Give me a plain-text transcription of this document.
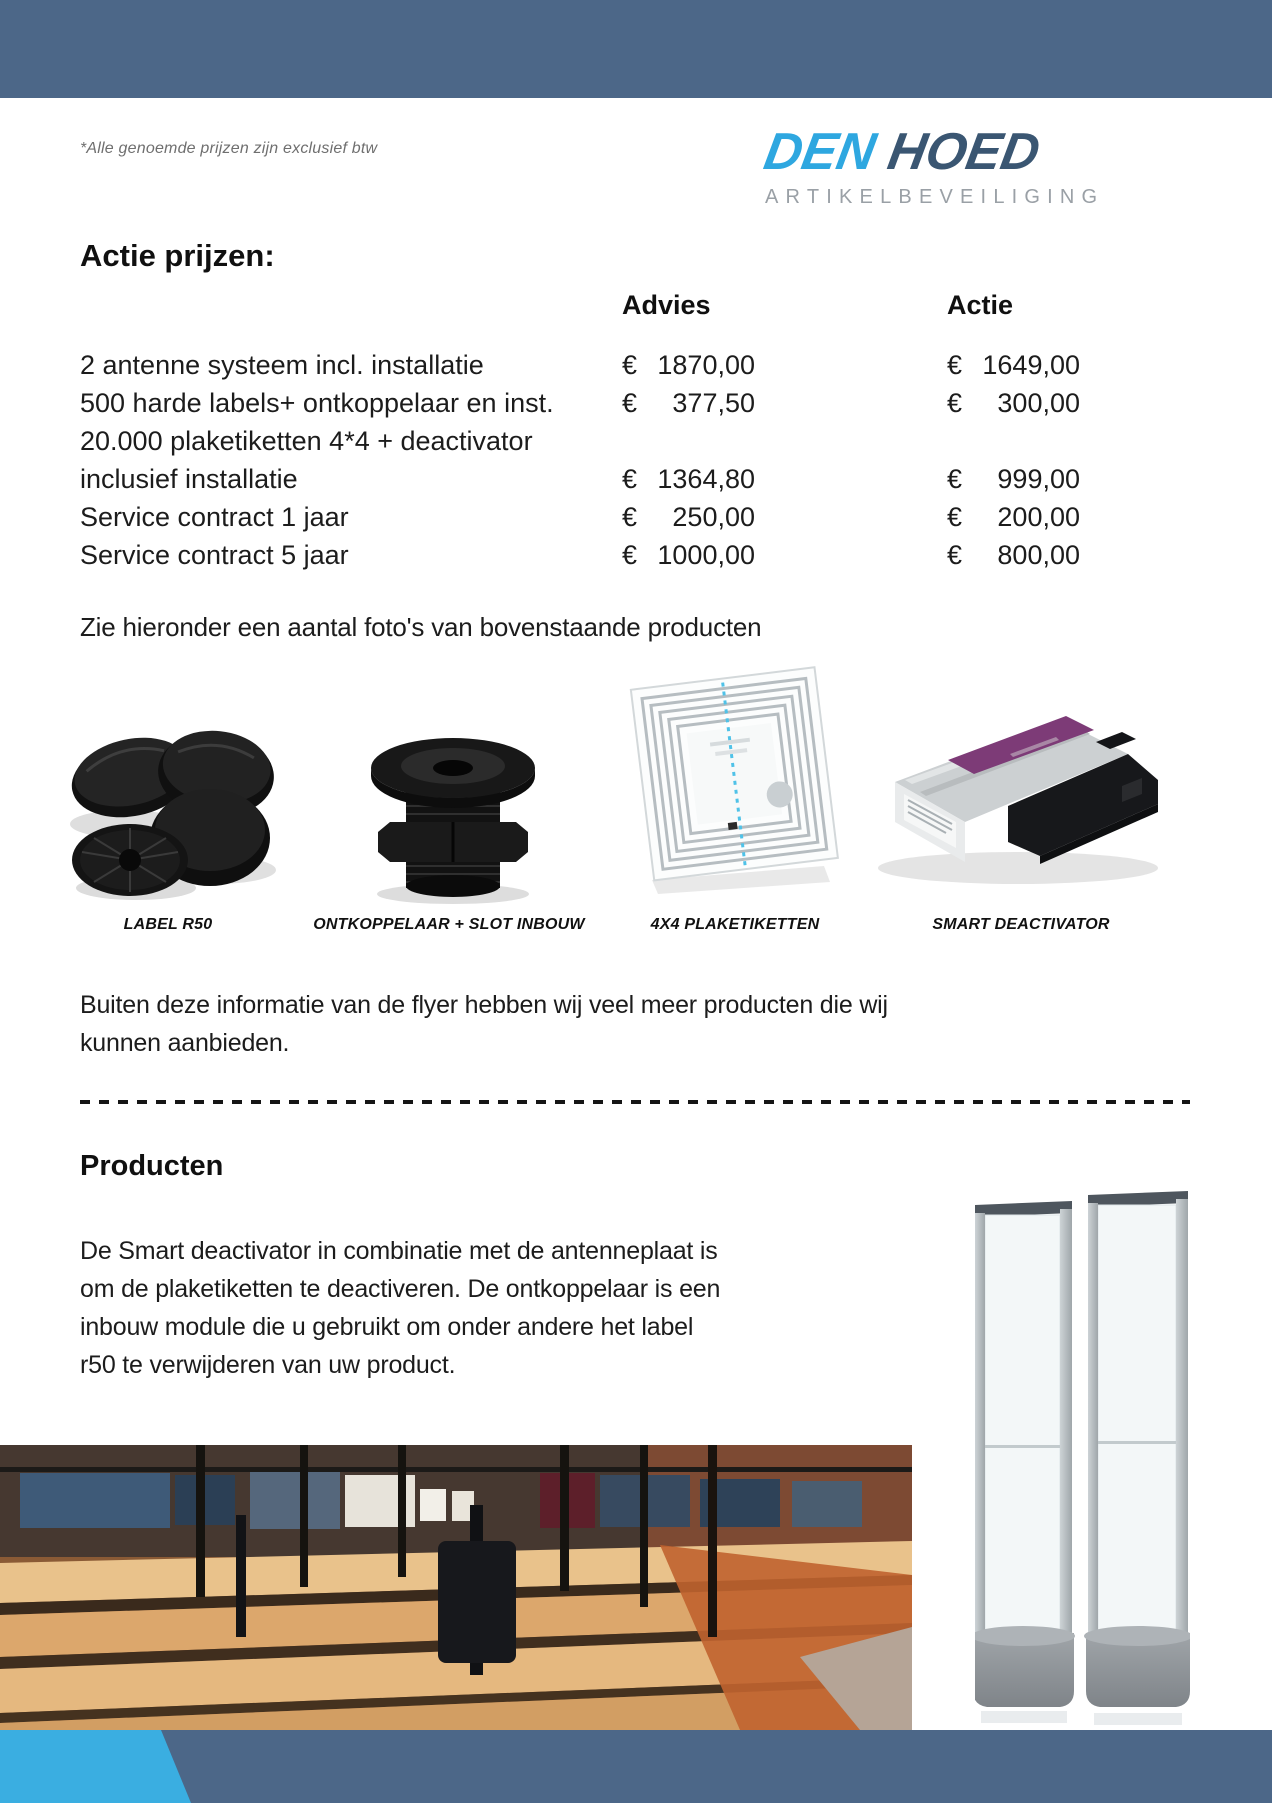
*Alle genoemde prijzen zijn exclusief btw	DEN HOED
ARTIKELBEVEILIGING
Actie prijzen:
Advies	Actie
2 antenne systeem incl. installatie	€ 1870,00	€ 1649,00
500 harde labels+ ontkoppelaar en inst.	€ 377,50	€ 300,00
20.000 plaketiketten 4*4 + deactivator
inclusief installatie	€ 1364,80	€ 999,00
Service contract 1 jaar	€ 250,00	€ 200,00
Service contract 5 jaar	€ 1000,00	€ 800,00
Zie hieronder een aantal foto's van bovenstaande producten
LABEL R50	ONTKOPPELAAR + SLOT INBOUW	4X4 PLAKETIKETTEN	SMART DEACTIVATOR
Buiten deze informatie van de flyer hebben wij veel meer producten die wij
kunnen aanbieden.
Producten
De Smart deactivator in combinatie met de antenneplaat is
om de plaketiketten te deactiveren. De ontkoppelaar is een
inbouw module die u gebruikt om onder andere het label
r50 te verwijderen van uw product.
